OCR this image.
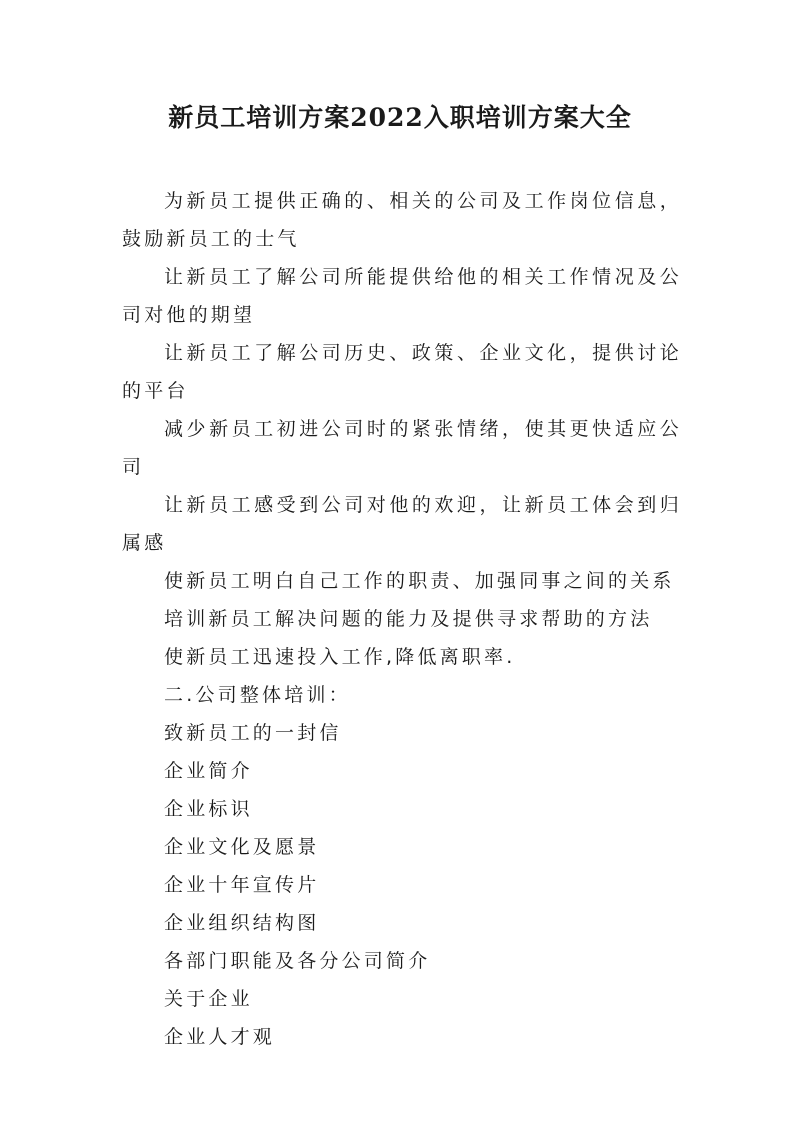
新员工培训方案2022入职培训方案大全

为新员工提供正确的、相关的公司及工作岗位信息，鼓励新员工的士气

让新员工了解公司所能提供给他的相关工作情况及公司对他的期望

让新员工了解公司历史、政策、企业文化，提供讨论的平台

减少新员工初进公司时的紧张情绪，使其更快适应公司

让新员工感受到公司对他的欢迎，让新员工体会到归属感

使新员工明白自己工作的职责、加强同事之间的关系

培训新员工解决问题的能力及提供寻求帮助的方法

使新员工迅速投入工作,降低离职率.

二.公司整体培训：

致新员工的一封信

企业简介

企业标识

企业文化及愿景

企业十年宣传片

企业组织结构图

各部门职能及各分公司简介

关于企业

企业人才观
